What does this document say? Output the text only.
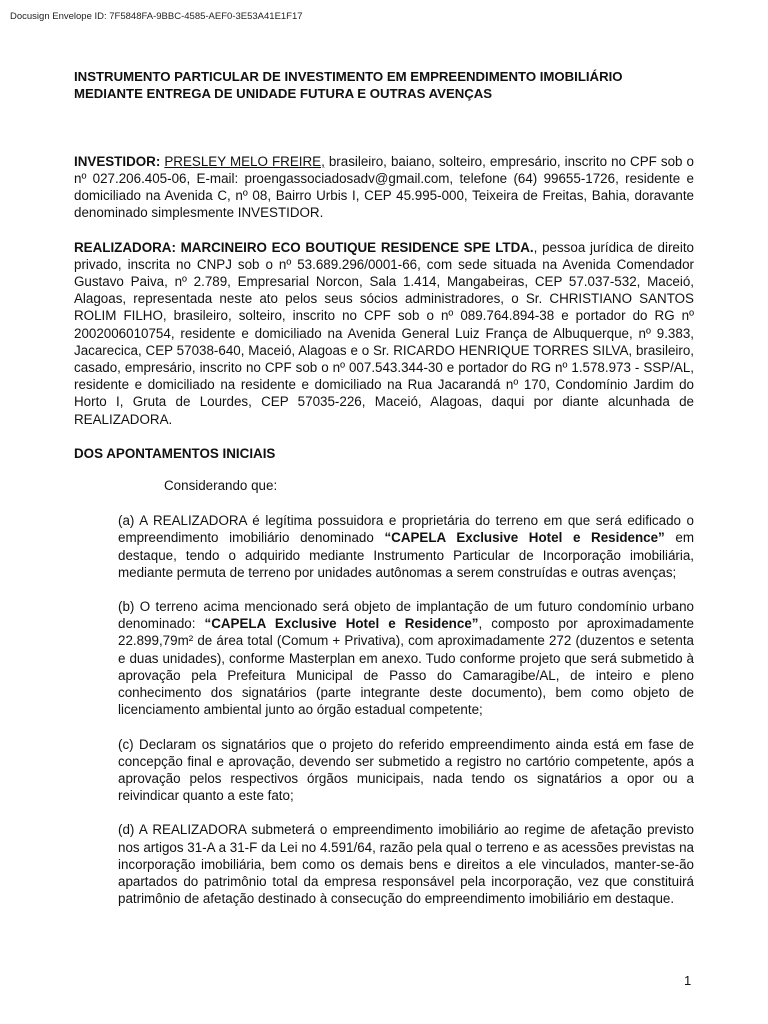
Docusign Envelope ID: 7F5848FA-9BBC-4585-AEF0-3E53A41E1F17

INSTRUMENTO PARTICULAR DE INVESTIMENTO EM EMPREENDIMENTO IMOBILIÁRIO MEDIANTE ENTREGA DE UNIDADE FUTURA E OUTRAS AVENÇAS

INVESTIDOR: PRESLEY MELO FREIRE, brasileiro, baiano, solteiro, empresário, inscrito no CPF sob o nº 027.206.405-06, E-mail: proengassociadosadv@gmail.com, telefone (64) 99655-1726, residente e domiciliado na Avenida C, nº 08, Bairro Urbis I, CEP 45.995-000, Teixeira de Freitas, Bahia, doravante denominado simplesmente INVESTIDOR.

REALIZADORA: MARCINEIRO ECO BOUTIQUE RESIDENCE SPE LTDA., pessoa jurídica de direito privado, inscrita no CNPJ sob o nº 53.689.296/0001-66, com sede situada na Avenida Comendador Gustavo Paiva, nº 2.789, Empresarial Norcon, Sala 1.414, Mangabeiras, CEP 57.037-532, Maceió, Alagoas, representada neste ato pelos seus sócios administradores, o Sr. CHRISTIANO SANTOS ROLIM FILHO, brasileiro, solteiro, inscrito no CPF sob o nº 089.764.894-38 e portador do RG nº 2002006010754, residente e domiciliado na Avenida General Luiz França de Albuquerque, nº 9.383, Jacarecica, CEP 57038-640, Maceió, Alagoas e o Sr. RICARDO HENRIQUE TORRES SILVA, brasileiro, casado, empresário, inscrito no CPF sob o nº 007.543.344-30 e portador do RG nº 1.578.973 - SSP/AL, residente e domiciliado na residente e domiciliado na Rua Jacarandá nº 170, Condomínio Jardim do Horto I, Gruta de Lourdes, CEP 57035-226, Maceió, Alagoas, daqui por diante alcunhada de REALIZADORA.

DOS APONTAMENTOS INICIAIS

Considerando que:

(a) A REALIZADORA é legítima possuidora e proprietária do terreno em que será edificado o empreendimento imobiliário denominado “CAPELA Exclusive Hotel e Residence” em destaque, tendo o adquirido mediante Instrumento Particular de Incorporação imobiliária, mediante permuta de terreno por unidades autônomas a serem construídas e outras avenças;

(b) O terreno acima mencionado será objeto de implantação de um futuro condomínio urbano denominado: “CAPELA Exclusive Hotel e Residence”, composto por aproximadamente 22.899,79m² de área total (Comum + Privativa), com aproximadamente 272 (duzentos e setenta e duas unidades), conforme Masterplan em anexo. Tudo conforme projeto que será submetido à aprovação pela Prefeitura Municipal de Passo do Camaragibe/AL, de inteiro e pleno conhecimento dos signatários (parte integrante deste documento), bem como objeto de licenciamento ambiental junto ao órgão estadual competente;

(c) Declaram os signatários que o projeto do referido empreendimento ainda está em fase de concepção final e aprovação, devendo ser submetido a registro no cartório competente, após a aprovação pelos respectivos órgãos municipais, nada tendo os signatários a opor ou a reivindicar quanto a este fato;

(d) A REALIZADORA submeterá o empreendimento imobiliário ao regime de afetação previsto nos artigos 31-A a 31-F da Lei no 4.591/64, razão pela qual o terreno e as acessões previstas na incorporação imobiliária, bem como os demais bens e direitos a ele vinculados, manter-se-ão apartados do patrimônio total da empresa responsável pela incorporação, vez que constituirá patrimônio de afetação destinado à consecução do empreendimento imobiliário em destaque.

1
